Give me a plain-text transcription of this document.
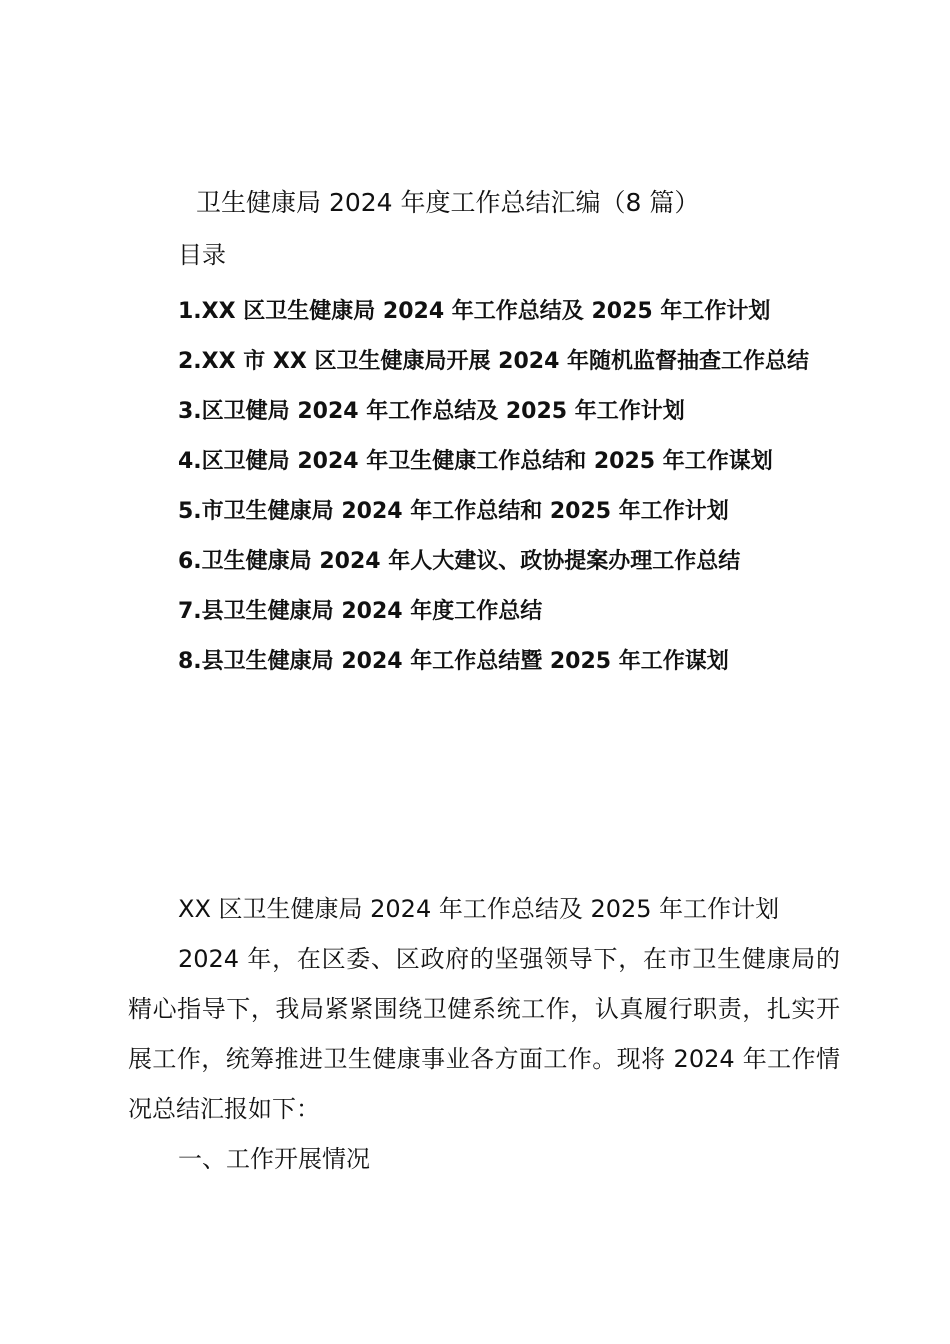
卫生健康局 2024 年度工作总结汇编（8 篇）
目录
1.XX 区卫生健康局 2024 年工作总结及 2025 年工作计划
2.XX 市 XX 区卫生健康局开展 2024 年随机监督抽查工作总结
3.区卫健局 2024 年工作总结及 2025 年工作计划
4.区卫健局 2024 年卫生健康工作总结和 2025 年工作谋划
5.市卫生健康局 2024 年工作总结和 2025 年工作计划
6.卫生健康局 2024 年人大建议、政协提案办理工作总结
7.县卫生健康局 2024 年度工作总结
8.县卫生健康局 2024 年工作总结暨 2025 年工作谋划

XX 区卫生健康局 2024 年工作总结及 2025 年工作计划

2024 年，在区委、区政府的坚强领导下，在市卫生健康局的精心指导下，我局紧紧围绕卫健系统工作，认真履行职责，扎实开展工作，统筹推进卫生健康事业各方面工作。现将 2024 年工作情况总结汇报如下：

一、工作开展情况
